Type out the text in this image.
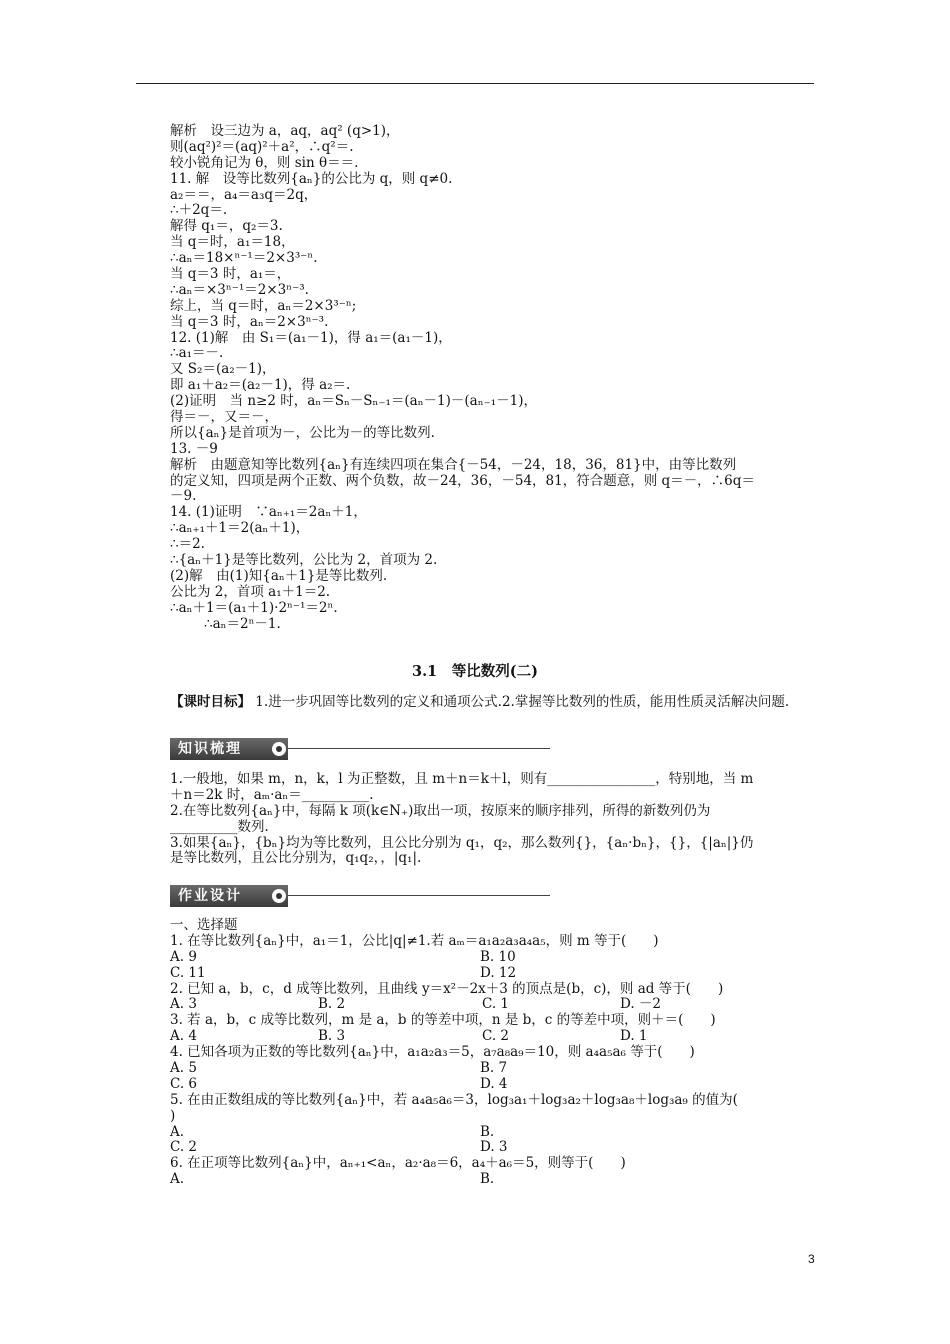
解析　设三边为 a，aq，aq² (q>1)，
则(aq²)²＝(aq)²＋a²，∴q²＝.
较小锐角记为 θ，则 sin θ＝＝.
11. 解　设等比数列{aₙ}的公比为 q，则 q≠0.
a₂＝＝，a₄＝a₃q＝2q，
∴＋2q＝.
解得 q₁＝，q₂＝3.
当 q＝时，a₁＝18，
∴aₙ＝18×ⁿ⁻¹＝2×3³⁻ⁿ.
当 q＝3 时，a₁＝，
∴aₙ＝×3ⁿ⁻¹＝2×3ⁿ⁻³.
综上，当 q＝时，aₙ＝2×3³⁻ⁿ;
当 q＝3 时，aₙ＝2×3ⁿ⁻³.
12. (1)解　由 S₁＝(a₁－1)，得 a₁＝(a₁－1)，
∴a₁＝－.
又 S₂＝(a₂－1)，
即 a₁＋a₂＝(a₂－1)，得 a₂＝.
(2)证明　当 n≥2 时，aₙ＝Sₙ－Sₙ₋₁＝(aₙ－1)－(aₙ₋₁－1)，
得＝－，又＝－，
所以{aₙ}是首项为－，公比为－的等比数列.
13. －9
解析　由题意知等比数列{aₙ}有连续四项在集合{－54，－24，18，36，81}中，由等比数列
的定义知，四项是两个正数、两个负数，故－24，36，－54，81，符合题意，则 q＝－，∴6q＝
－9.
14. (1)证明　∵aₙ₊₁＝2aₙ＋1，
∴aₙ₊₁＋1＝2(aₙ＋1)，
∴＝2.
∴{aₙ＋1}是等比数列，公比为 2，首项为 2.
(2)解　由(1)知{aₙ＋1}是等比数列.
公比为 2，首项 a₁＋1＝2.
∴aₙ＋1＝(a₁＋1)·2ⁿ⁻¹＝2ⁿ.
∴aₙ＝2ⁿ－1.
3.1　等比数列(二)
【课时目标】 1.进一步巩固等比数列的定义和通项公式.2.掌握等比数列的性质，能用性质灵活解决问题.
知识梳理
1.一般地，如果 m，n，k，l 为正整数，且 m＋n＝k＋l，则有________________，特别地，当 m
＋n＝2k 时，aₘ·aₙ＝__________.
2.在等比数列{aₙ}中，每隔 k 项(k∈N₊)取出一项，按原来的顺序排列，所得的新数列仍为
__________数列.
3.如果{aₙ}，{bₙ}均为等比数列，且公比分别为 q₁，q₂，那么数列{}，{aₙ·bₙ}，{}，{|aₙ|}仍
是等比数列，且公比分别为，q₁q₂，，|q₁|.
作业设计
一、选择题
1. 在等比数列{aₙ}中，a₁＝1，公比|q|≠1.若 aₘ＝a₁a₂a₃a₄a₅，则 m 等于(　　)
A. 9	B. 10
C. 11	D. 12
2. 已知 a，b，c，d 成等比数列，且曲线 y＝x²－2x＋3 的顶点是(b，c)，则 ad 等于(　　)
A. 3	B. 2	C. 1	D. －2
3. 若 a，b，c 成等比数列，m 是 a，b 的等差中项，n 是 b，c 的等差中项，则＋＝(　　)
A. 4	B. 3	C. 2	D. 1
4. 已知各项为正数的等比数列{aₙ}中，a₁a₂a₃＝5，a₇a₈a₉＝10，则 a₄a₅a₆ 等于(　　)
A. 5	B. 7
C. 6	D. 4
5. 在由正数组成的等比数列{aₙ}中，若 a₄a₅a₆＝3，log₃a₁＋log₃a₂＋log₃a₈＋log₃a₉ 的值为(
)
A.	B.
C. 2	D. 3
6. 在正项等比数列{aₙ}中，aₙ₊₁<aₙ，a₂·a₈＝6，a₄＋a₆＝5，则等于(　　)
A.	B.
3
